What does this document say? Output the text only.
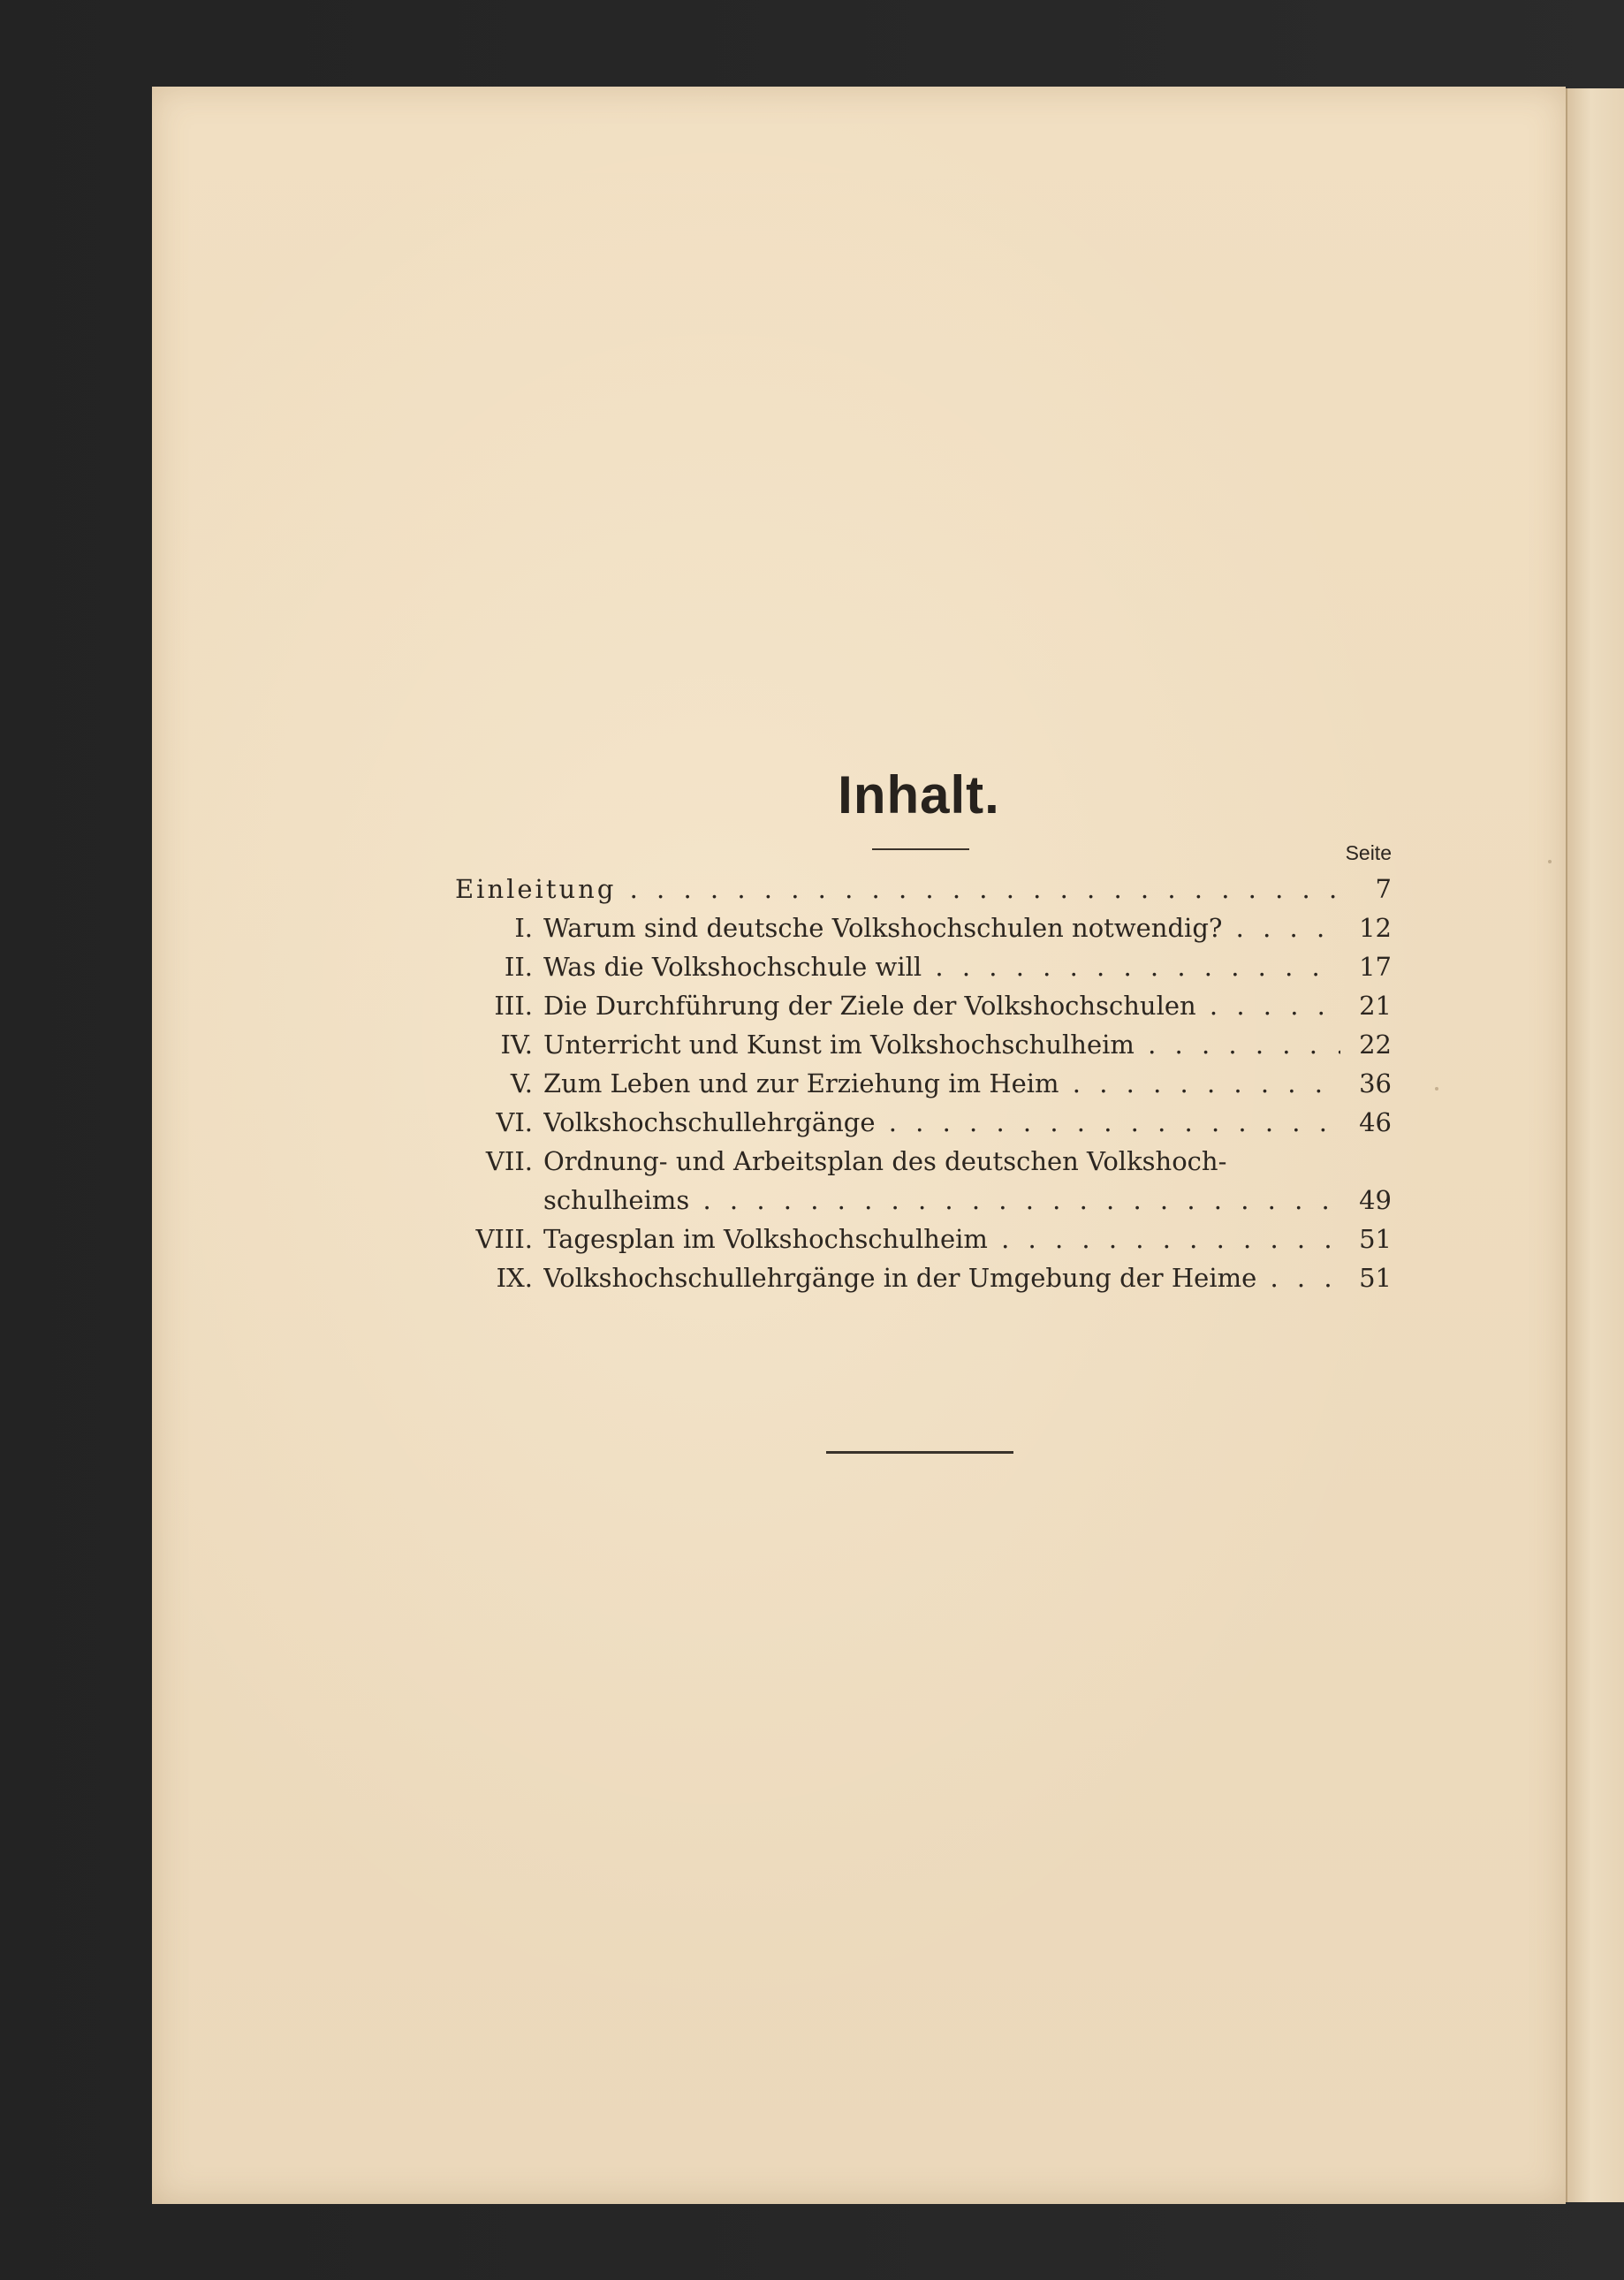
Inhalt.
Seite
Einleitung . . .	7
I. Warum sind deutsche Volkshochschulen notwendig? . . .	12
II. Was die Volkshochschule will . . .	17
III. Die Durchführung der Ziele der Volkshochschulen . . .	21
IV. Unterricht und Kunst im Volkshochschulheim . . .	22
V. Zum Leben und zur Erziehung im Heim . . .	36
VI. Volkshochschullehrgänge . . .	46
VII. Ordnung- und Arbeitsplan des deutschen Volkshoch-
schulheims . . .	49
VIII. Tagesplan im Volkshochschulheim . . .	51
IX. Volkshochschullehrgänge in der Umgebung der Heime . . .	51
